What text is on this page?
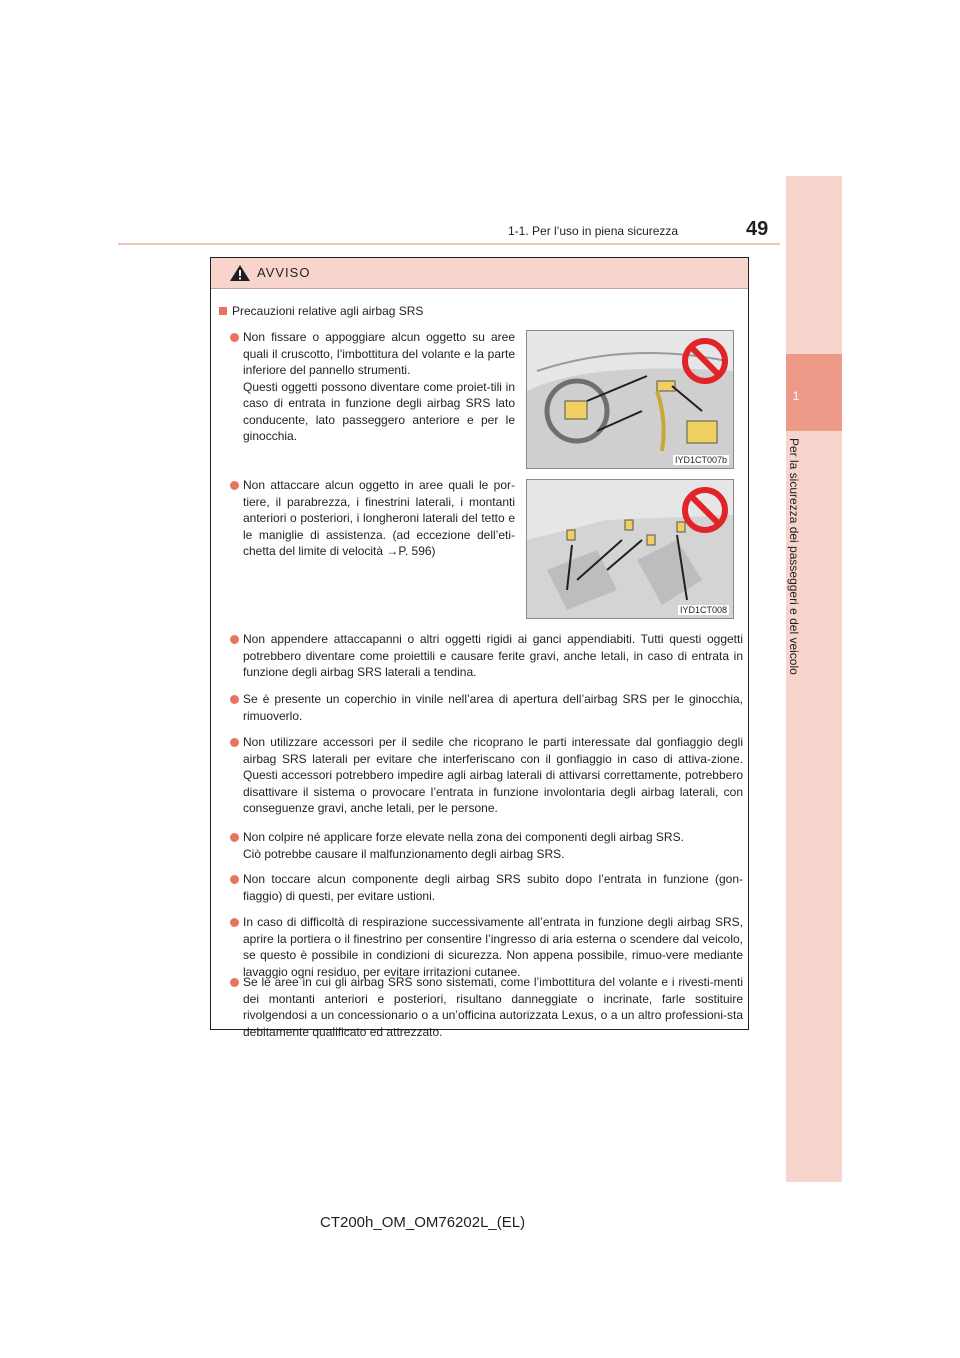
1-1. Per l’uso in piena sicurezza	49
1
Per la sicurezza dei passeggeri e del veicolo
AVVISO
Precauzioni relative agli airbag SRS

Non fissare o appoggiare alcun oggetto su aree quali il cruscotto, l’imbottitura del volante e la parte inferiore del pannello strumenti.

Questi oggetti possono diventare come proiet-tili in caso di entrata in funzione degli airbag SRS lato conducente, lato passeggero anteriore e per le ginocchia.

IYD1CT007b

Non attaccare alcun oggetto in aree quali le por-tiere, il parabrezza, i finestrini laterali, i montanti anteriori o posteriori, i longheroni laterali del tetto e le maniglie di assistenza. (ad eccezione dell’eti-chetta del limite di velocità →P. 596)

IYD1CT008

Non appendere attaccapanni o altri oggetti rigidi ai ganci appendiabiti. Tutti questi oggetti potrebbero diventare come proiettili e causare ferite gravi, anche letali, in caso di entrata in funzione degli airbag SRS laterali a tendina.

Se è presente un coperchio in vinile nell’area di apertura dell’airbag SRS per le ginocchia, rimuoverlo.

Non utilizzare accessori per il sedile che ricoprano le parti interessate dal gonfiaggio degli airbag SRS laterali per evitare che interferiscano con il gonfiaggio in caso di attiva-zione. Questi accessori potrebbero impedire agli airbag laterali di attivarsi correttamente, potrebbero disattivare il sistema o provocare l’entrata in funzione involontaria degli airbag laterali, con conseguenze gravi, anche letali, per le persone.

Non colpire né applicare forze elevate nella zona dei componenti degli airbag SRS.

Ciò potrebbe causare il malfunzionamento degli airbag SRS.

Non toccare alcun componente degli airbag SRS subito dopo l’entrata in funzione (gon-fiaggio) di questi, per evitare ustioni.

In caso di difficoltà di respirazione successivamente all’entrata in funzione degli airbag SRS, aprire la portiera o il finestrino per consentire l’ingresso di aria esterna o scendere dal veicolo, se questo è possibile in condizioni di sicurezza. Non appena possibile, rimuo-vere mediante lavaggio ogni residuo, per evitare irritazioni cutanee.

Se le aree in cui gli airbag SRS sono sistemati, come l’imbottitura del volante e i rivesti-menti dei montanti anteriori e posteriori, risultano danneggiate o incrinate, farle sostituire rivolgendosi a un concessionario o a un’officina autorizzata Lexus, o a un altro professioni-sta debitamente qualificato ed attrezzato.

CT200h_OM_OM76202L_(EL)
